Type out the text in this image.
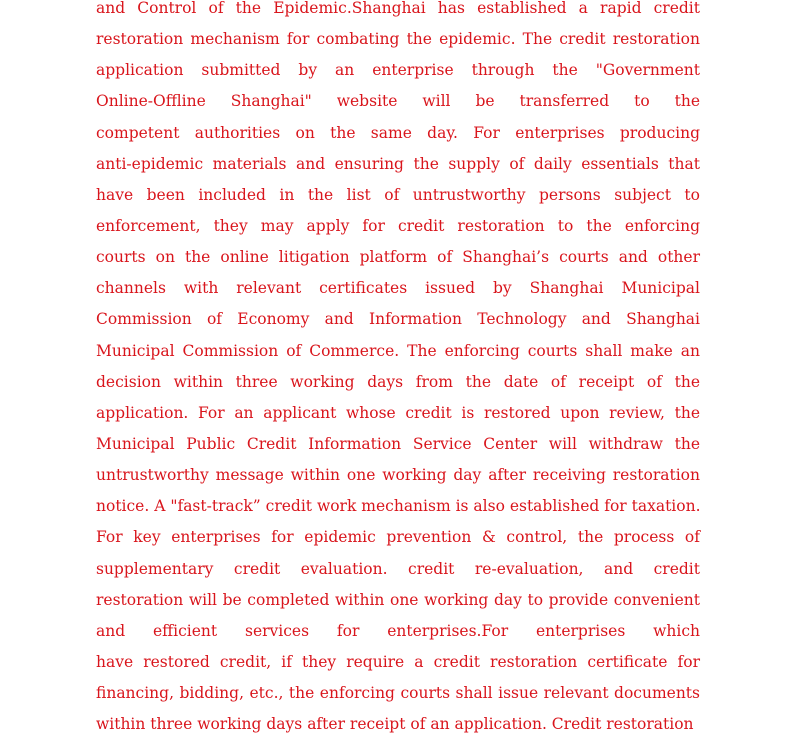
and Control of the Epidemic.Shanghai has established a rapid credit
restoration mechanism for combating the epidemic. The credit restoration
application submitted by an enterprise through the "Government
Online-Offline Shanghai" website will be transferred to the
competent authorities on the same day. For enterprises producing
anti-epidemic materials and ensuring the supply of daily essentials that
have been included in the list of untrustworthy persons subject to
enforcement, they may apply for credit restoration to the enforcing
courts on the online litigation platform of Shanghai’s courts and other
channels with relevant certificates issued by Shanghai Municipal
Commission of Economy and Information Technology and Shanghai
Municipal Commission of Commerce. The enforcing courts shall make an
decision within three working days from the date of receipt of the
application. For an applicant whose credit is restored upon review, the
Municipal Public Credit Information Service Center will withdraw the
untrustworthy message within one working day after receiving restoration
notice. A "fast-track” credit work mechanism is also established for taxation.
For key enterprises for epidemic prevention & control, the process of
supplementary credit evaluation. credit re-evaluation, and credit
restoration will be completed within one working day to provide convenient
and efficient services for enterprises.For enterprises which
have restored credit, if they require a credit restoration certificate for
financing, bidding, etc., the enforcing courts shall issue relevant documents
within three working days after receipt of an application. Credit restoration
